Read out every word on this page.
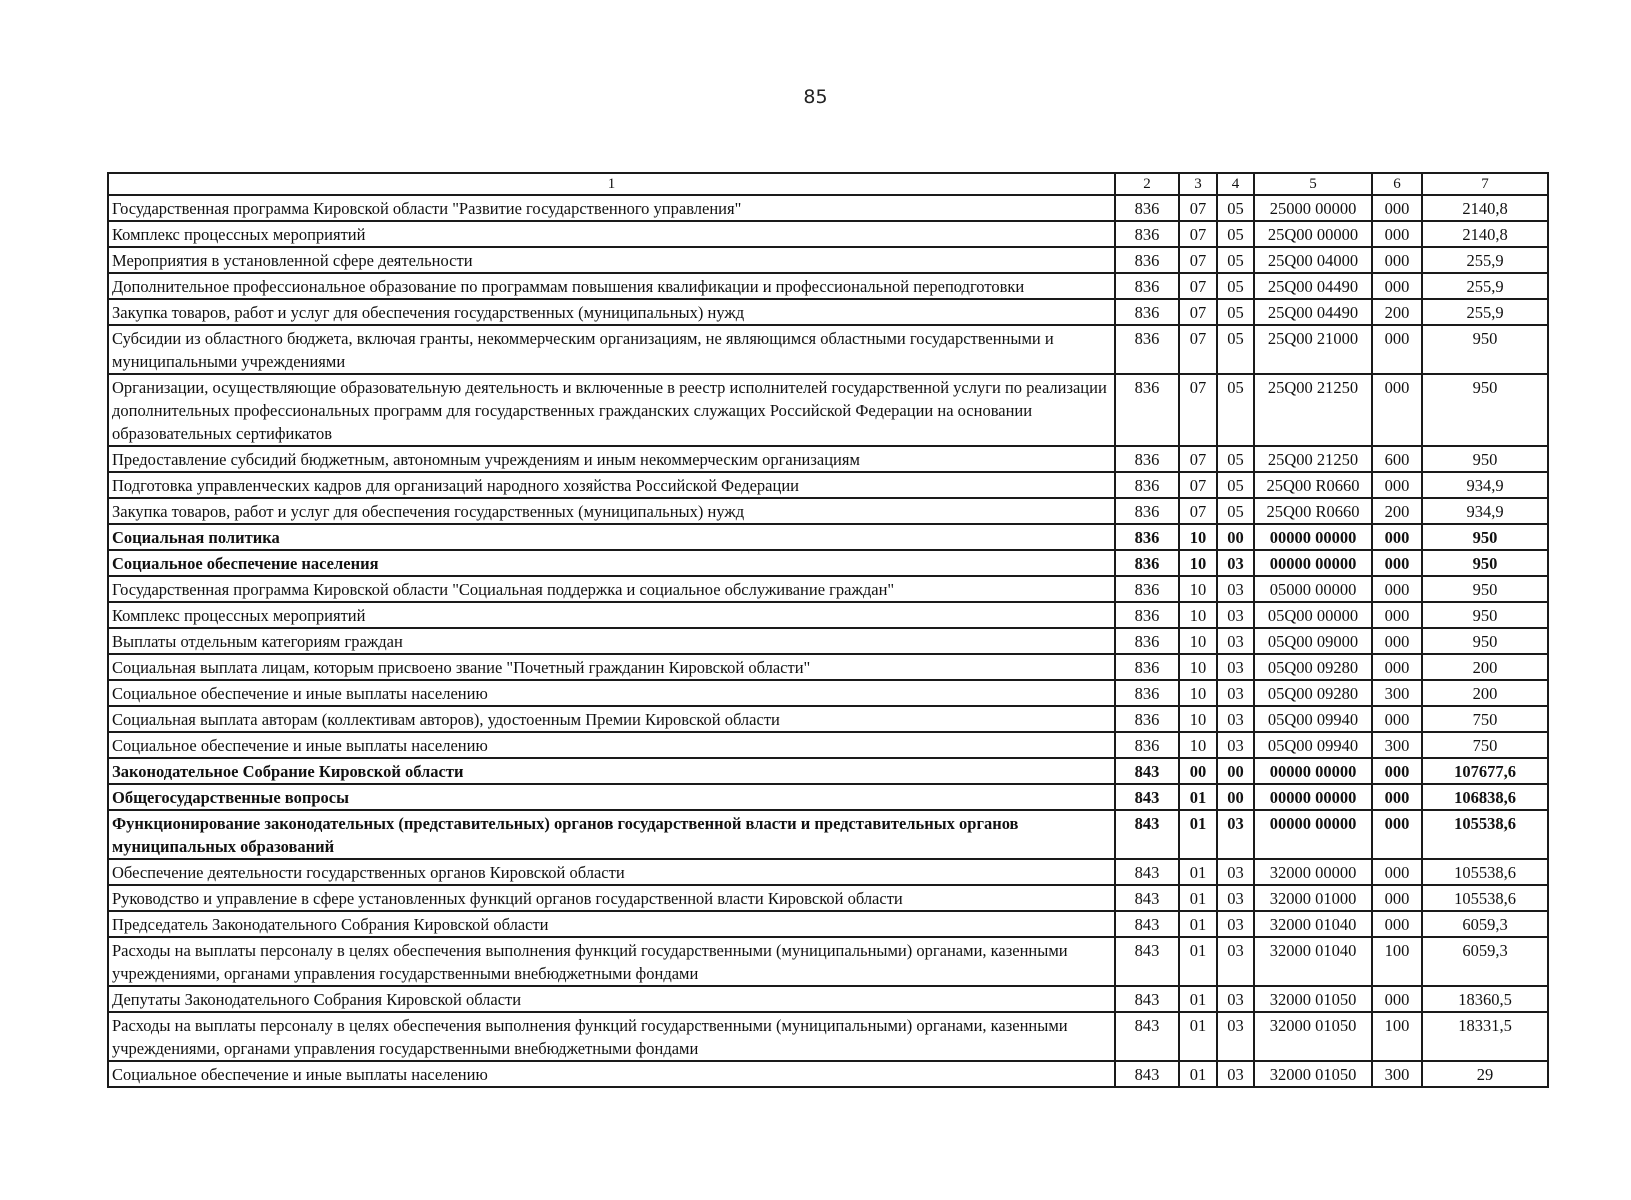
85
1	2	3	4	5	6	7
Государственная программа Кировской области "Развитие государственного управления"	836	07	05	25000 00000	000	2140,8
Комплекс процессных мероприятий	836	07	05	25Q00 00000	000	2140,8
Мероприятия в установленной сфере деятельности	836	07	05	25Q00 04000	000	255,9
Дополнительное профессиональное образование по программам повышения квалификации и профессиональной переподготовки	836	07	05	25Q00 04490	000	255,9
Закупка товаров, работ и услуг для обеспечения государственных (муниципальных) нужд	836	07	05	25Q00 04490	200	255,9
Субсидии из областного бюджета, включая гранты, некоммерческим организациям, не являющимся областными государственными и муниципальными учреждениями	836	07	05	25Q00 21000	000	950
Организации, осуществляющие образовательную деятельность и включенные в реестр исполнителей государственной услуги по реализации дополнительных профессиональных программ для государственных гражданских служащих Российской Федерации на основании образовательных сертификатов	836	07	05	25Q00 21250	000	950
Предоставление субсидий бюджетным, автономным учреждениям и иным некоммерческим организациям	836	07	05	25Q00 21250	600	950
Подготовка управленческих кадров для организаций народного хозяйства Российской Федерации	836	07	05	25Q00 R0660	000	934,9
Закупка товаров, работ и услуг для обеспечения государственных (муниципальных) нужд	836	07	05	25Q00 R0660	200	934,9
Социальная политика	836	10	00	00000 00000	000	950
Социальное обеспечение населения	836	10	03	00000 00000	000	950
Государственная программа Кировской области "Социальная поддержка и социальное обслуживание граждан"	836	10	03	05000 00000	000	950
Комплекс процессных мероприятий	836	10	03	05Q00 00000	000	950
Выплаты отдельным категориям граждан	836	10	03	05Q00 09000	000	950
Социальная выплата лицам, которым присвоено звание "Почетный гражданин Кировской области"	836	10	03	05Q00 09280	000	200
Социальное обеспечение и иные выплаты населению	836	10	03	05Q00 09280	300	200
Социальная выплата авторам (коллективам авторов), удостоенным Премии Кировской области	836	10	03	05Q00 09940	000	750
Социальное обеспечение и иные выплаты населению	836	10	03	05Q00 09940	300	750
Законодательное Собрание Кировской области	843	00	00	00000 00000	000	107677,6
Общегосударственные вопросы	843	01	00	00000 00000	000	106838,6
Функционирование законодательных (представительных) органов государственной власти и представительных органов муниципальных образований	843	01	03	00000 00000	000	105538,6
Обеспечение деятельности государственных органов Кировской области	843	01	03	32000 00000	000	105538,6
Руководство и управление в сфере установленных функций органов государственной власти Кировской области	843	01	03	32000 01000	000	105538,6
Председатель Законодательного Собрания Кировской области	843	01	03	32000 01040	000	6059,3
Расходы на выплаты персоналу в целях обеспечения выполнения функций государственными (муниципальными) органами, казенными учреждениями, органами управления государственными внебюджетными фондами	843	01	03	32000 01040	100	6059,3
Депутаты Законодательного Собрания Кировской области	843	01	03	32000 01050	000	18360,5
Расходы на выплаты персоналу в целях обеспечения выполнения функций государственными (муниципальными) органами, казенными учреждениями, органами управления государственными внебюджетными фондами	843	01	03	32000 01050	100	18331,5
Социальное обеспечение и иные выплаты населению	843	01	03	32000 01050	300	29
